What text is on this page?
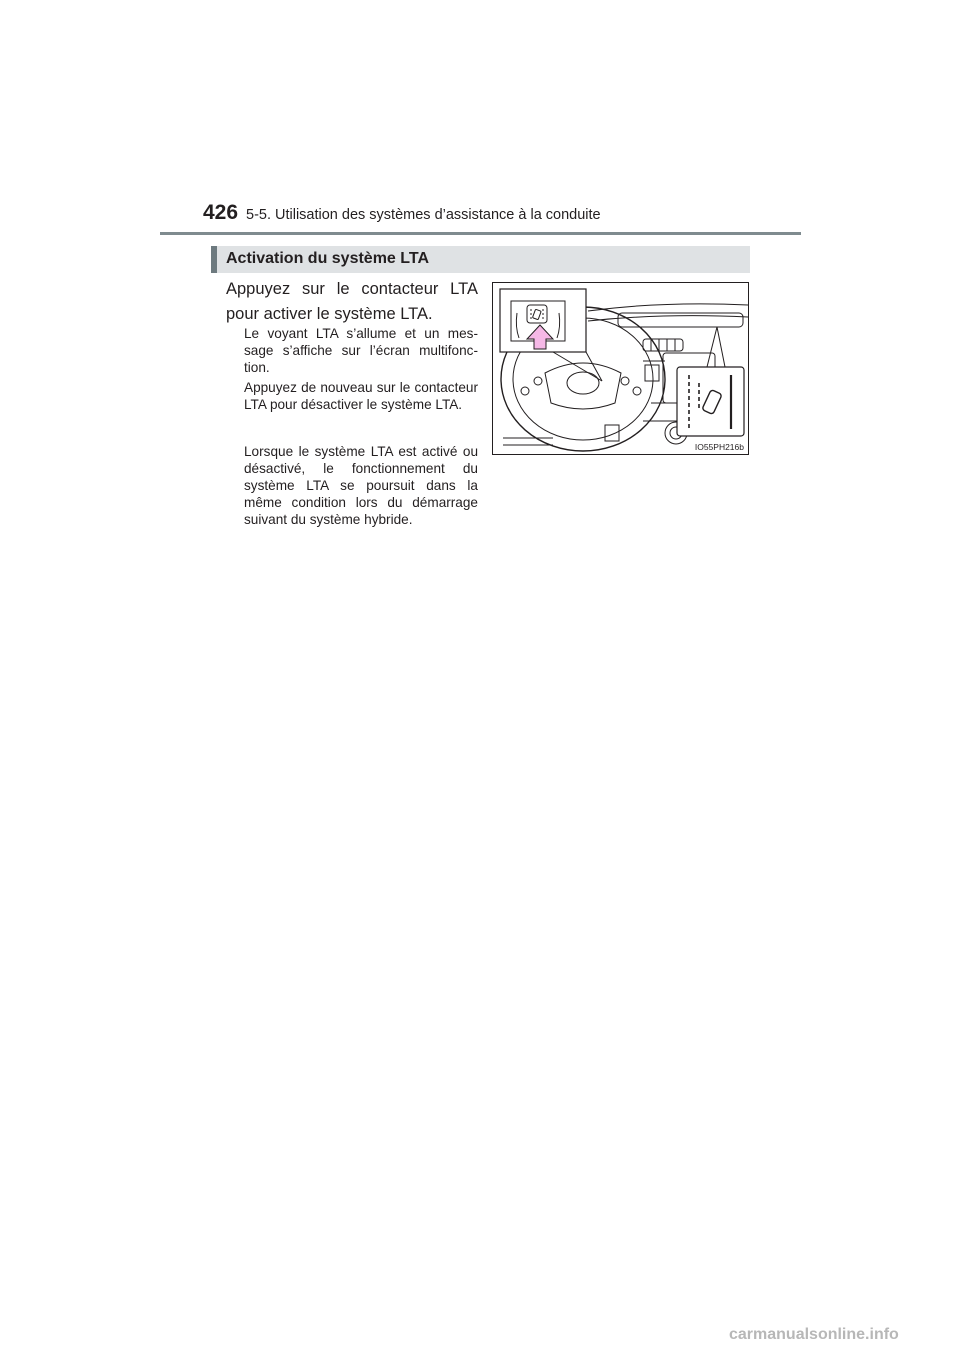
426 5-5. Utilisation des systèmes d’assistance à la conduite
Activation du système LTA
Appuyez sur le contacteur LTA pour activer le système LTA.
Le voyant LTA s’allume et un mes-sage s’affiche sur l’écran multifonc-tion.
Appuyez de nouveau sur le contacteur LTA pour désactiver le système LTA.
Lorsque le système LTA est activé ou désactivé, le fonctionnement du système LTA se poursuit dans la même condition lors du démarrage suivant du système hybride.
IO55PH216b
carmanualsonline.info
